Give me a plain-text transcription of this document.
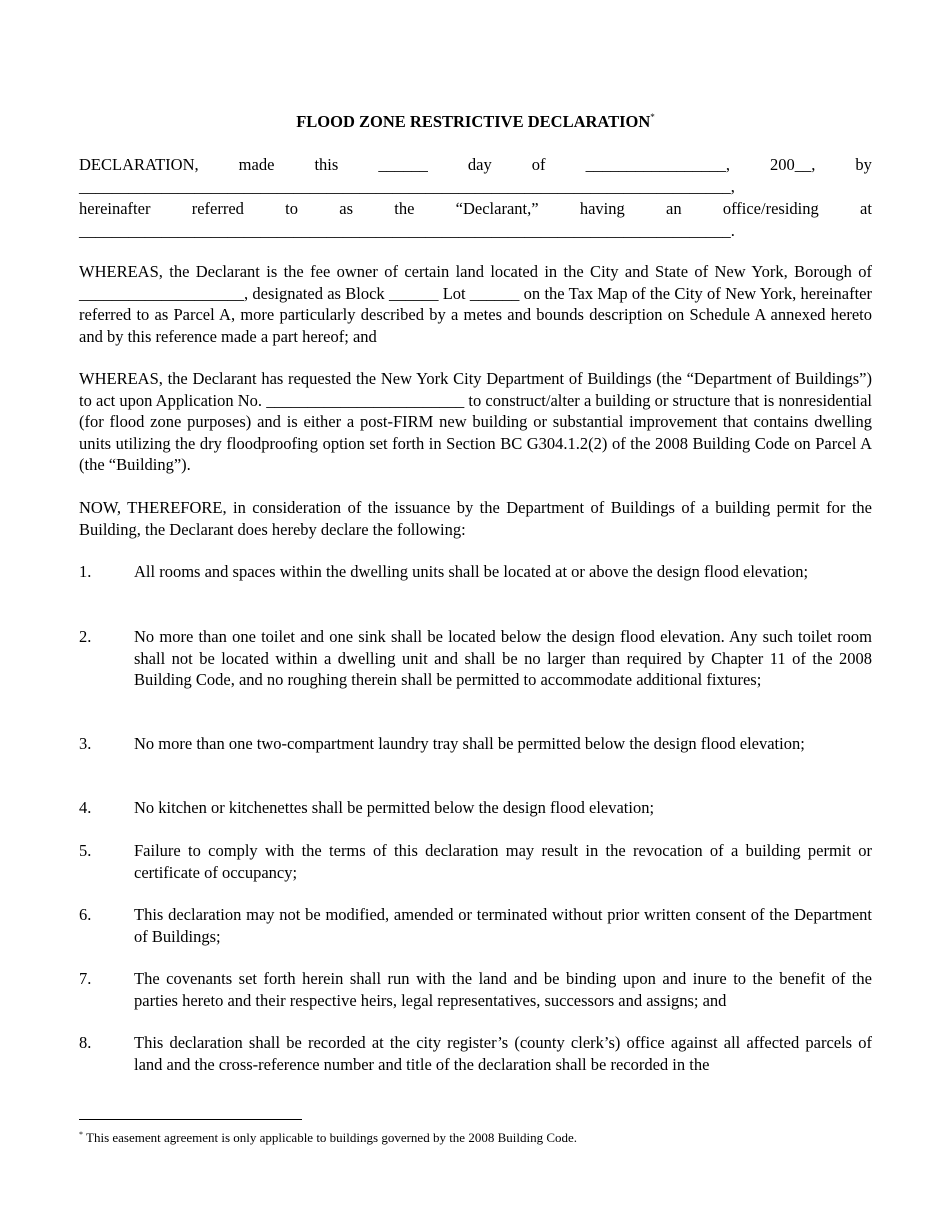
FLOOD ZONE RESTRICTIVE DECLARATION*
DECLARATION, made this ______ day of _________________, 200__, by
_______________________________________________________________________________,
hereinafter	referred	to	as	the	“Declarant,”	having	an	office/residing	at
_______________________________________________________________________________.
WHEREAS, the Declarant is the fee owner of certain land located in the City and State of New York, Borough of ____________________, designated as Block ______ Lot ______ on the Tax Map of the City of New York, hereinafter referred to as Parcel A, more particularly described by a metes and bounds description on Schedule A annexed hereto and by this reference made a part hereof; and
WHEREAS, the Declarant has requested the New York City Department of Buildings (the “Department of Buildings”) to act upon Application No. ________________________ to construct/alter a building or structure that is nonresidential (for flood zone purposes) and is either a post-FIRM new building or substantial improvement that contains dwelling units utilizing the dry floodproofing option set forth in Section BC G304.1.2(2) of the 2008 Building Code on Parcel A (the “Building”).
NOW, THEREFORE, in consideration of the issuance by the Department of Buildings of a building permit for the Building, the Declarant does hereby declare the following:
1.	All rooms and spaces within the dwelling units shall be located at or above the design flood elevation;
2.	No more than one toilet and one sink shall be located below the design flood elevation. Any such toilet room shall not be located within a dwelling unit and shall be no larger than required by Chapter 11 of the 2008 Building Code, and no roughing therein shall be permitted to accommodate additional fixtures;
3.	No more than one two-compartment laundry tray shall be permitted below the design flood elevation;
4.	No kitchen or kitchenettes shall be permitted below the design flood elevation;
5.	Failure to comply with the terms of this declaration may result in the revocation of a building permit or certificate of occupancy;
6.	This declaration may not be modified, amended or terminated without prior written consent of the Department of Buildings;
7.	The covenants set forth herein shall run with the land and be binding upon and inure to the benefit of the parties hereto and their respective heirs, legal representatives, successors and assigns; and
8.	This declaration shall be recorded at the city register’s (county clerk’s) office against all affected parcels of land and the cross-reference number and title of the declaration shall be recorded in the
* This easement agreement is only applicable to buildings governed by the 2008 Building Code.
